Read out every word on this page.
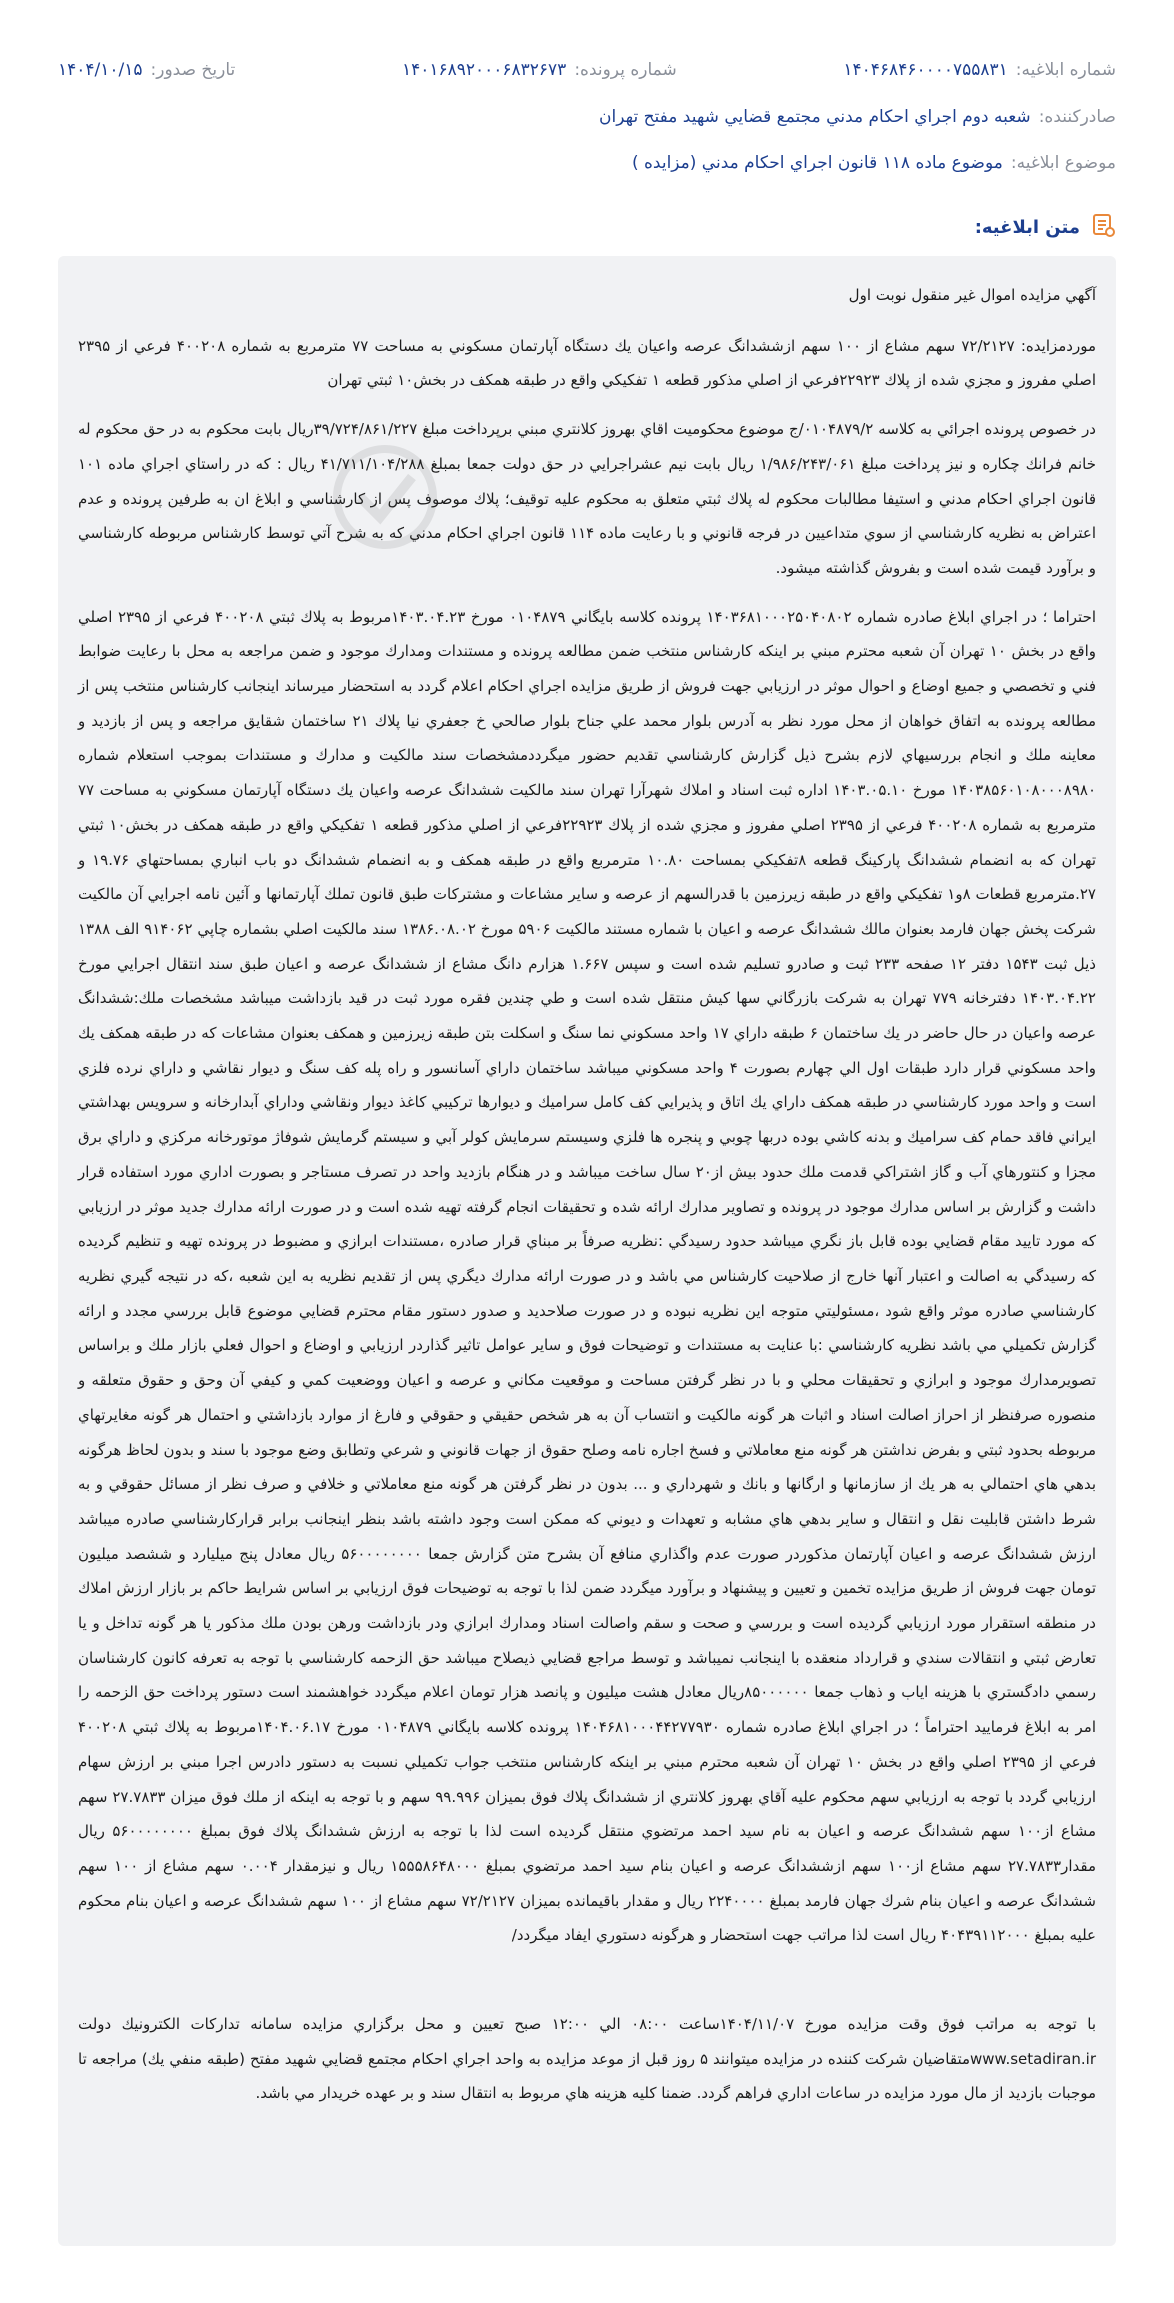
شماره ابلاغيه:
۱۴۰۴۶۸۴۶۰۰۰۰۷۵۵۸۳۱
شماره پرونده:
۱۴۰۱۶۸۹۲۰۰۰۶۸۳۲۶۷۳
تاريخ صدور:
۱۴۰۴/۱۰/۱۵
صادرکننده:
شعبه دوم اجراي احكام مدني مجتمع قضايي شهيد مفتح تهران
موضوع ابلاغيه:
موضوع ماده ۱۱۸ قانون اجراي احكام مدني (مزايده )
متن ابلاغيه:

آگهي مزايده اموال غير منقول نوبت اول

موردمزايده: ۷۲/۲۱۲۷ سهم مشاع از ۱۰۰ سهم ازششدانگ عرصه واعيان يك دستگاه آپارتمان مسكوني به مساحت ۷۷ مترمربع به شماره ۴۰۰۲۰۸ فرعي از ۲۳۹۵ اصلي مفروز و مجزي شده از پلاك ۲۲۹۲۳فرعي از اصلي مذكور قطعه ۱ تفكيكي واقع در طبقه همكف در بخش۱۰ ثبتي تهران

در خصوص پرونده اجرائي به كلاسه ۰۱۰۴۸۷۹/۲/ج موضوع محكوميت اقاي بهروز كلانتري مبني برپرداخت مبلغ ۳۹/۷۲۴/۸۶۱/۲۲۷ريال بابت محكوم به در حق محكوم له خانم فرانك چكاره و نيز پرداخت مبلغ ۱/۹۸۶/۲۴۳/۰۶۱ ريال بابت نيم عشراجرايي در حق دولت جمعا بمبلغ ۴۱/۷۱۱/۱۰۴/۲۸۸ ريال : كه در راستاي اجراي ماده ۱۰۱ قانون اجراي احكام مدني و استيفا مطالبات محكوم له پلاك ثبتي متعلق به محكوم عليه توقيف؛ پلاك موصوف پس از كارشناسي و ابلاغ ان به طرفين پرونده و عدم اعتراض به نظريه كارشناسي از سوي متداعيين در فرجه قانوني و با رعايت ماده ۱۱۴ قانون اجراي احكام مدني كه به شرح آتي توسط كارشناس مربوطه كارشناسي و برآورد قيمت شده است و بفروش گذاشته ميشود.

احتراما ؛ در اجراي ابلاغ صادره شماره ۱۴۰۳۶۸۱۰۰۰۲۵۰۴۰۸۰۲ پرونده كلاسه بايگاني ۰۱۰۴۸۷۹ مورخ ۱۴۰۳.۰۴.۲۳مربوط به پلاك ثبتي ۴۰۰۲۰۸ فرعي از ۲۳۹۵ اصلي واقع در بخش ۱۰ تهران آن شعبه محترم مبني بر اينكه كارشناس منتخب ضمن مطالعه پرونده و مستندات ومدارك موجود و ضمن مراجعه به محل با رعايت ضوابط فني و تخصصي و جميع اوضاع و احوال موثر در ارزيابي جهت فروش از طريق مزايده اجراي احكام اعلام گردد به استحضار ميرساند اينجانب كارشناس منتخب پس از مطالعه پرونده به اتفاق خواهان از محل مورد نظر به آدرس بلوار محمد علي جناح بلوار صالحي خ جعفري نيا پلاك ۲۱ ساختمان شقايق مراجعه و پس از بازديد و معاينه ملك و انجام بررسيهاي لازم بشرح ذيل گزارش كارشناسي تقديم حضور ميگرددمشخصات سند مالكيت و مدارك و مستندات بموجب استعلام شماره ۱۴۰۳۸۵۶۰۱۰۸۰۰۰۸۹۸۰ مورخ ۱۴۰۳.۰۵.۱۰ اداره ثبت اسناد و املاك شهرآرا تهران سند مالكيت ششدانگ عرصه واعيان يك دستگاه آپارتمان مسكوني به مساحت ۷۷ مترمربع به شماره ۴۰۰۲۰۸ فرعي از ۲۳۹۵ اصلي مفروز و مجزي شده از پلاك ۲۲۹۲۳فرعي از اصلي مذكور قطعه ۱ تفكيكي واقع در طبقه همكف در بخش۱۰ ثبتي تهران كه به انضمام ششدانگ پاركينگ قطعه ۸تفكيكي بمساحت ۱۰.۸۰ مترمربع واقع در طبقه همكف و به انضمام ششدانگ دو باب انباري بمساحتهاي ۱۹.۷۶ و ۲۷.مترمربع قطعات ۸و۱ تفكيكي واقع در طبقه زيرزمين با قدرالسهم از عرصه و ساير مشاعات و مشتركات طبق قانون تملك آپارتمانها و آئين نامه اجرايي آن مالكيت شركت پخش جهان فارمد بعنوان مالك ششدانگ عرصه و اعيان با شماره مستند مالكيت ۵۹۰۶ مورخ ۱۳۸۶.۰۸.۰۲ سند مالكيت اصلي بشماره چاپي ۹۱۴۰۶۲ الف ۱۳۸۸ ذيل ثبت ۱۵۴۳ دفتر ۱۲ صفحه ۲۳۳ ثبت و صادرو تسليم شده است و سپس ۱.۶۶۷ هزارم دانگ مشاع از ششدانگ عرصه و اعيان طبق سند انتقال اجرايي مورخ ۱۴۰۳.۰۴.۲۲ دفترخانه ۷۷۹ تهران به شركت بازرگاني سها كيش منتقل شده است و طي چندين فقره مورد ثبت در قيد بازداشت ميباشد مشخصات ملك:ششدانگ عرصه واعيان در حال حاضر در يك ساختمان ۶ طبقه داراي ۱۷ واحد مسكوني نما سنگ و اسكلت بتن طبقه زيرزمين و همكف بعنوان مشاعات كه در طبقه همكف يك واحد مسكوني قرار دارد طبقات اول الي چهارم بصورت ۴ واحد مسكوني ميباشد ساختمان داراي آسانسور و راه پله كف سنگ و ديوار نقاشي و داراي نرده فلزي است و واحد مورد كارشناسي در طبقه همكف داراي يك اتاق و پذيرايي كف كامل سراميك و ديوارها تركيبي كاغذ ديوار ونقاشي وداراي آبدارخانه و سرويس بهداشتي ايراني فاقد حمام كف سراميك و بدنه كاشي بوده دربها چوبي و پنجره ها فلزي وسيستم سرمايش كولر آبي و سيستم گرمايش شوفاژ موتورخانه مركزي و داراي برق مجزا و كنتورهاي آب و گاز اشتراكي قدمت ملك حدود بيش از۲۰ سال ساخت ميباشد و در هنگام بازديد واحد در تصرف مستاجر و بصورت اداري مورد استفاده قرار داشت و گزارش بر اساس مدارك موجود در پرونده و تصاوير مدارك ارائه شده و تحقيقات انجام گرفته تهيه شده است و در صورت ارائه مدارك جديد موثر در ارزيابي كه مورد تاييد مقام قضايي بوده قابل باز نگري ميباشد حدود رسيدگي :نظريه صرفاً بر مبناي قرار صادره ،مستندات ابرازي و مضبوط در پرونده تهيه و تنظيم گرديده كه رسيدگي به اصالت و اعتبار آنها خارج از صلاحيت كارشناس مي باشد و در صورت ارائه مدارك ديگري پس از تقديم نظريه به اين شعبه ،كه در نتيجه گيري نظريه كارشناسي صادره موثر واقع شود ،مسئوليتي متوجه اين نظريه نبوده و در صورت صلاحديد و صدور دستور مقام محترم قضايي موضوع قابل بررسي مجدد و ارائه گزارش تكميلي مي باشد نظريه كارشناسي :با عنايت به مستندات و توضيحات فوق و ساير عوامل تاثير گذاردر ارزيابي و اوضاع و احوال فعلي بازار ملك و براساس تصويرمدارك موجود و ابرازي و تحقيقات محلي و با در نظر گرفتن مساحت و موقعيت مكاني و عرصه و اعيان ووضعيت كمي و كيفي آن وحق و حقوق متعلقه و منصوره صرفنظر از احراز اصالت اسناد و اثبات هر گونه مالكيت و انتساب آن به هر شخص حقيقي و حقوقي و فارغ از موارد بازداشتي و احتمال هر گونه مغايرتهاي مربوطه بحدود ثبتي و بفرض نداشتن هر گونه منع معاملاتي و فسخ اجاره نامه وصلح حقوق از جهات قانوني و شرعي وتطابق وضع موجود با سند و بدون لحاظ هرگونه بدهي هاي احتمالي به هر يك از سازمانها و ارگانها و بانك و شهرداري و ... بدون در نظر گرفتن هر گونه منع معاملاتي و خلافي و صرف نظر از مسائل حقوقي و به شرط داشتن قابليت نقل و انتقال و ساير بدهي هاي مشابه و تعهدات و ديوني كه ممكن است وجود داشته باشد بنظر اينجانب برابر قراركارشناسي صادره ميباشد ارزش ششدانگ عرصه و اعيان آپارتمان مذكوردر صورت عدم واگذاري منافع آن بشرح متن گزارش جمعا ۵۶۰۰۰۰۰۰۰۰ ريال معادل پنج ميليارد و ششصد ميليون تومان جهت فروش از طريق مزايده تخمين و تعيين و پيشنهاد و برآورد ميگردد ضمن لذا با توجه به توضيحات فوق ارزيابي بر اساس شرايط حاكم بر بازار ارزش املاك در منطقه استقرار مورد ارزيابي گرديده است و بررسي و صحت و سقم واصالت اسناد ومدارك ابرازي ودر بازداشت ورهن بودن ملك مذكور يا هر گونه تداخل و يا تعارض ثبتي و انتقالات سندي و قرارداد منعقده با اينجانب نميباشد و توسط مراجع قضايي ذيصلاح ميباشد حق الزحمه كارشناسي با توجه به تعرفه كانون كارشناسان رسمي دادگستري با هزينه اياب و ذهاب جمعا ۸۵۰۰۰۰۰۰ريال معادل هشت ميليون و پانصد هزار تومان اعلام ميگردد خواهشمند است دستور پرداخت حق الزحمه را امر به ابلاغ فرماييد احتراماً ؛ در اجراي ابلاغ صادره شماره ۱۴۰۴۶۸۱۰۰۰۴۴۲۷۷۹۳۰ پرونده كلاسه بايگاني ۰۱۰۴۸۷۹ مورخ ۱۴۰۴.۰۶.۱۷مربوط به پلاك ثبتي ۴۰۰۲۰۸ فرعي از ۲۳۹۵ اصلي واقع در بخش ۱۰ تهران آن شعبه محترم مبني بر اينكه كارشناس منتخب جواب تكميلي نسبت به دستور دادرس اجرا مبني بر ارزش سهام ارزيابي گردد با توجه به ارزيابي سهم محكوم عليه آقاي بهروز كلانتري از ششدانگ پلاك فوق بميزان ۹۹.۹۹۶ سهم و با توجه به اينكه از ملك فوق ميزان ۲۷.۷۸۳۳ سهم مشاع از۱۰۰ سهم ششدانگ عرصه و اعيان به نام سيد احمد مرتضوي منتقل گرديده است لذا با توجه به ارزش ششدانگ پلاك فوق بمبلغ ۵۶۰۰۰۰۰۰۰۰ ريال مقدار۲۷.۷۸۳۳ سهم مشاع از۱۰۰ سهم ازششدانگ عرصه و اعيان بنام سيد احمد مرتضوي بمبلغ ۱۵۵۵۸۶۴۸۰۰۰ ريال و نيزمقدار ۰.۰۰۴ سهم مشاع از ۱۰۰ سهم ششدانگ عرصه و اعيان بنام شرك جهان فارمد بمبلغ ۲۲۴۰۰۰۰ ريال و مقدار باقيمانده بميزان ۷۲/۲۱۲۷ سهم مشاع از ۱۰۰ سهم ششدانگ عرصه و اعيان بنام محكوم عليه بمبلغ ۴۰۴۳۹۱۱۲۰۰۰ ريال است لذا مراتب جهت استحضار و هرگونه دستوري ايفاد ميگردد/

با توجه به مراتب فوق وقت مزايده مورخ ۱۴۰۴/۱۱/۰۷ساعت ۰۸:۰۰ الي ۱۲:۰۰ صبح تعيين و محل برگزاري مزايده سامانه تداركات الكترونيك دولت www.setadiran.irمتقاضيان شركت كننده در مزايده ميتوانند ۵ روز قبل از موعد مزايده به واحد اجراي احكام مجتمع قضايي شهيد مفتح (طبقه منفي يك) مراجعه تا موجبات بازديد از مال مورد مزايده در ساعات اداري فراهم گردد. ضمنا كليه هزينه هاي مربوط به انتقال سند و بر عهده خريدار مي باشد.
